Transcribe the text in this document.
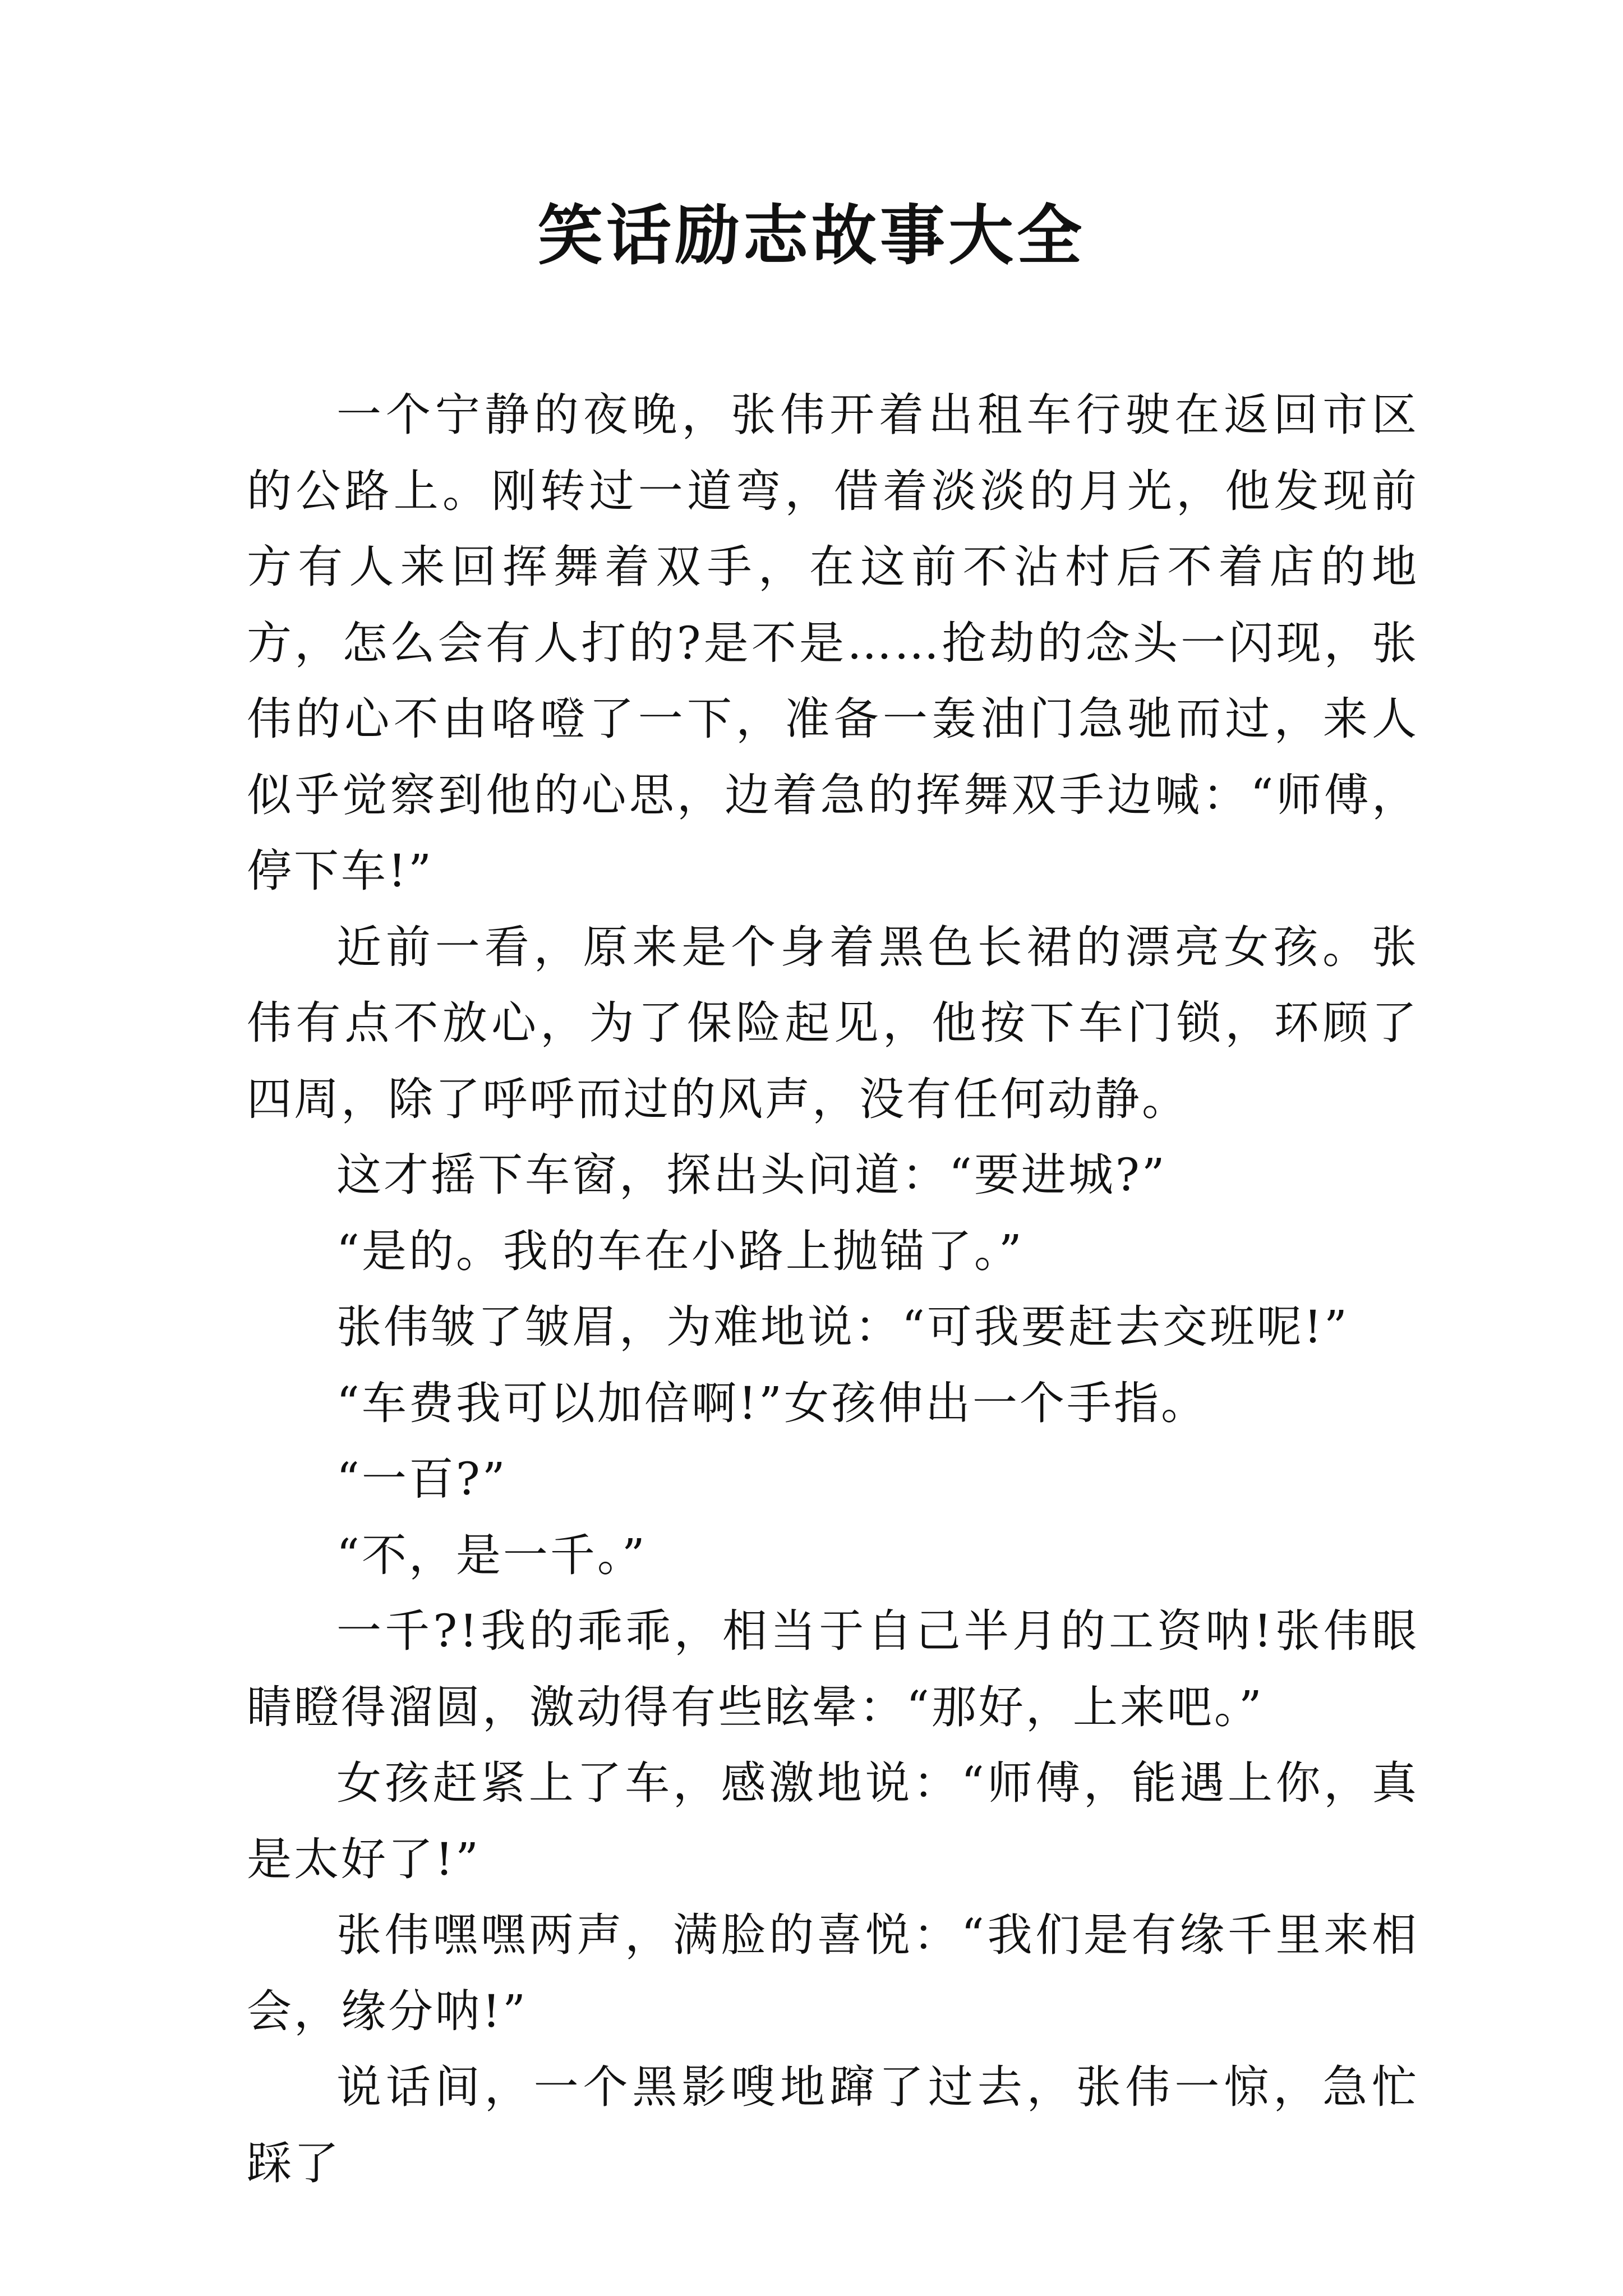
笑话励志故事大全

一个宁静的夜晚，张伟开着出租车行驶在返回市区的公路上。刚转过一道弯，借着淡淡的月光，他发现前方有人来回挥舞着双手，在这前不沾村后不着店的地方，怎么会有人打的?是不是……抢劫的念头一闪现，张伟的心不由咯噔了一下，准备一轰油门急驰而过，来人似乎觉察到他的心思，边着急的挥舞双手边喊：“师傅，停下车!”

近前一看，原来是个身着黑色长裙的漂亮女孩。张伟有点不放心，为了保险起见，他按下车门锁，环顾了四周，除了呼呼而过的风声，没有任何动静。

这才摇下车窗，探出头问道：“要进城?”

“是的。我的车在小路上抛锚了。”

张伟皱了皱眉，为难地说：“可我要赶去交班呢!”

“车费我可以加倍啊!”女孩伸出一个手指。

“一百?”

“不，是一千。”

一千?!我的乖乖，相当于自己半月的工资呐!张伟眼睛瞪得溜圆，激动得有些眩晕：“那好，上来吧。”

女孩赶紧上了车，感激地说：“师傅，能遇上你，真是太好了!”

张伟嘿嘿两声，满脸的喜悦：“我们是有缘千里来相会，缘分呐!”

说话间，一个黑影嗖地蹿了过去，张伟一惊，急忙踩了
